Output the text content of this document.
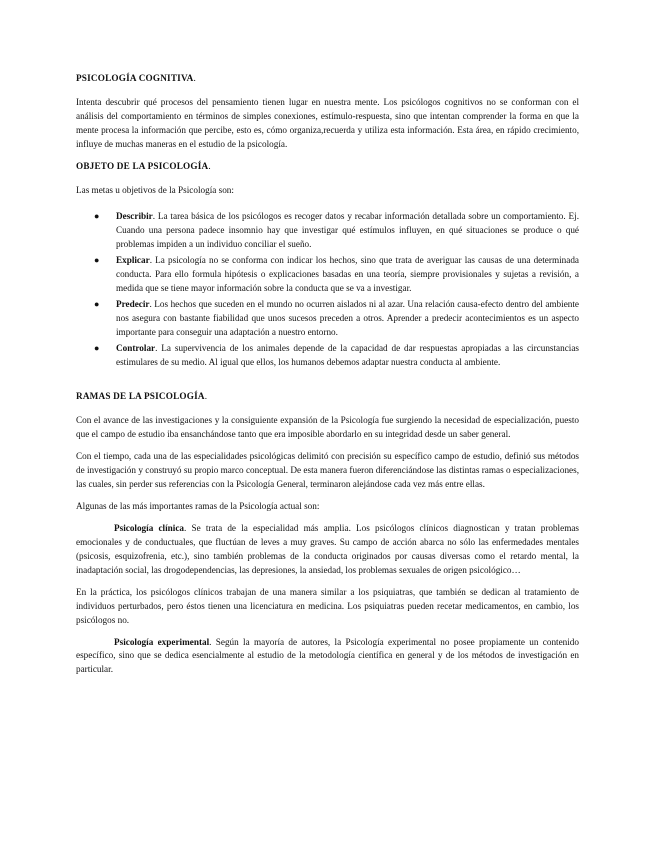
PSICOLOGÍA COGNITIVA.

Intenta descubrir qué procesos del pensamiento tienen lugar en nuestra mente. Los psicólogos cognitivos no se conforman con el análisis del comportamiento en términos de simples conexiones, estímulo-respuesta, sino que intentan comprender la forma en que la mente procesa la información que percibe, esto es, cómo organiza,recuerda y utiliza esta información. Esta área, en rápido crecimiento, influye de muchas maneras en el estudio de la psicología.

OBJETO DE LA PSICOLOGÍA.

Las metas u objetivos de la Psicología son:

● Describir. La tarea básica de los psicólogos es recoger datos y recabar información detallada sobre un comportamiento. Ej. Cuando una persona padece insomnio hay que investigar qué estímulos influyen, en qué situaciones se produce o qué problemas impiden a un individuo conciliar el sueño.
● Explicar. La psicología no se conforma con indicar los hechos, sino que trata de averiguar las causas de una determinada conducta. Para ello formula hipótesis o explicaciones basadas en una teoría, siempre provisionales y sujetas a revisión, a medida que se tiene mayor información sobre la conducta que se va a investigar.
● Predecir. Los hechos que suceden en el mundo no ocurren aislados ni al azar. Una relación causa-efecto dentro del ambiente nos asegura con bastante fiabilidad que unos sucesos preceden a otros. Aprender a predecir acontecimientos es un aspecto importante para conseguir una adaptación a nuestro entorno.
● Controlar. La supervivencia de los animales depende de la capacidad de dar respuestas apropiadas a las circunstancias estimulares de su medio. Al igual que ellos, los humanos debemos adaptar nuestra conducta al ambiente.
RAMAS DE LA PSICOLOGÍA.

Con el avance de las investigaciones y la consiguiente expansión de la Psicología fue surgiendo la necesidad de especialización, puesto que el campo de estudio iba ensanchándose tanto que era imposible abordarlo en su integridad desde un saber general.

Con el tiempo, cada una de las especialidades psicológicas delimitó con precisión su específico campo de estudio, definió sus métodos de investigación y construyó su propio marco conceptual. De esta manera fueron diferenciándose las distintas ramas o especializaciones, las cuales, sin perder sus referencias con la Psicología General, terminaron alejándose cada vez más entre ellas.

Algunas de las más importantes ramas de la Psicología actual son:

Psicología clínica. Se trata de la especialidad más amplia. Los psicólogos clínicos diagnostican y tratan problemas emocionales y de conductuales, que fluctúan de leves a muy graves. Su campo de acción abarca no sólo las enfermedades mentales (psicosis, esquizofrenia, etc.), sino también problemas de la conducta originados por causas diversas como el retardo mental, la inadaptación social, las drogodependencias, las depresiones, la ansiedad, los problemas sexuales de origen psicológico…

En la práctica, los psicólogos clínicos trabajan de una manera similar a los psiquiatras, que también se dedican al tratamiento de individuos perturbados, pero éstos tienen una licenciatura en medicina. Los psiquiatras pueden recetar medicamentos, en cambio, los psicólogos no.

Psicología experimental. Según la mayoría de autores, la Psicología experimental no posee propiamente un contenido específico, sino que se dedica esencialmente al estudio de la metodología científica en general y de los métodos de investigación en particular.
